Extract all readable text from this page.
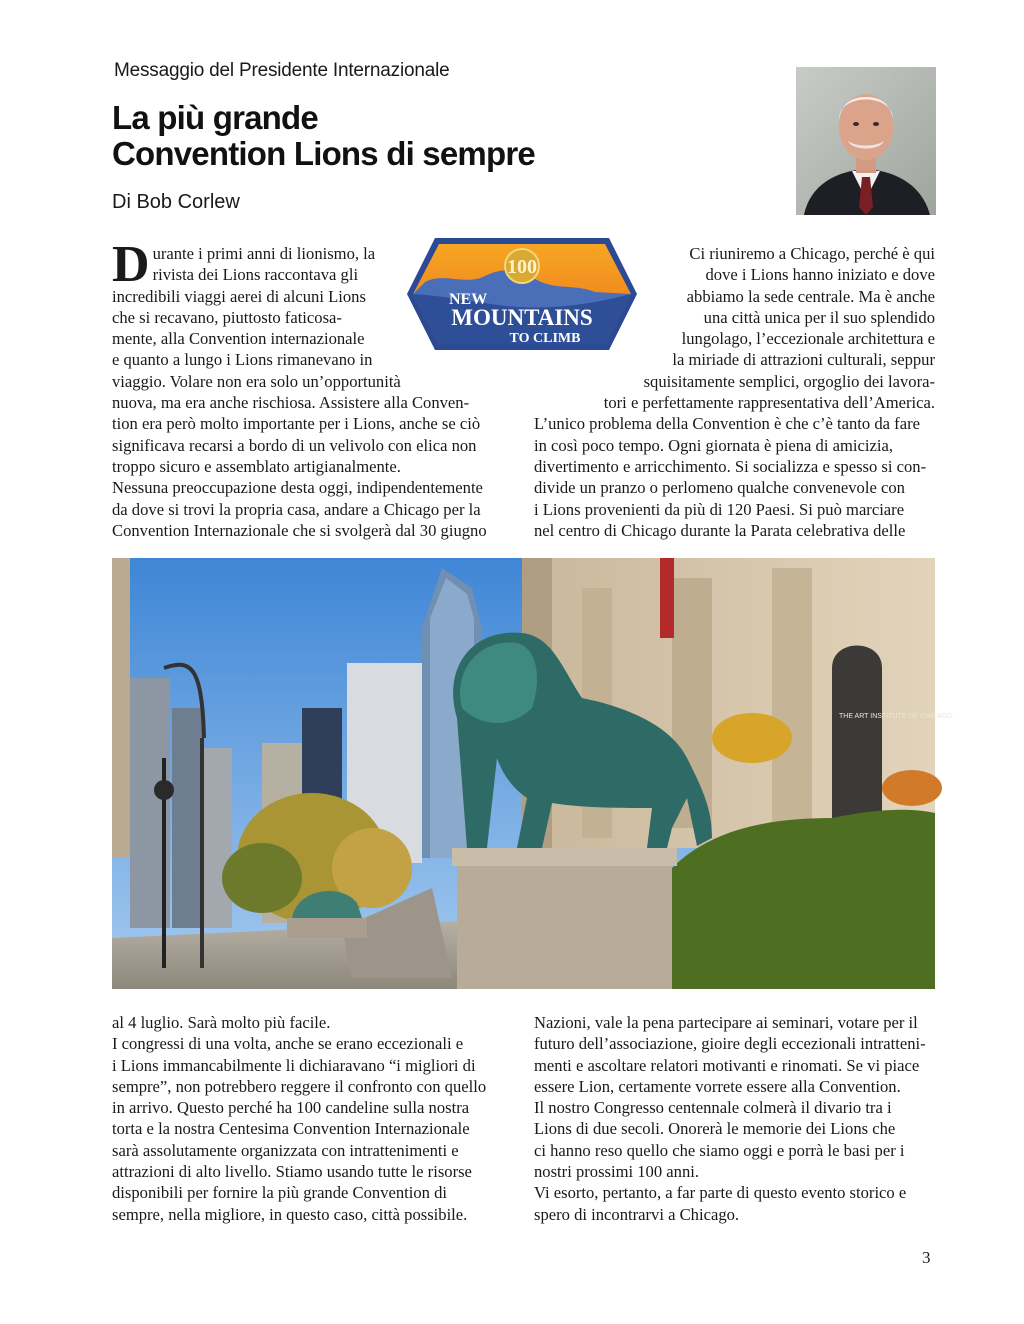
Messaggio del Presidente Internazionale
La più grande
Convention Lions di sempre
Di Bob Corlew
D urante i primi anni di lionismo, la
rivista dei Lions raccontava gli
incredibili viaggi aerei di alcuni Lions
che si recavano, piuttosto faticosa-
mente, alla Convention internazionale
e quanto a lungo i Lions rimanevano in
viaggio. Volare non era solo un’opportunità
nuova, ma era anche rischiosa. Assistere alla Conven-
tion era però molto importante per i Lions, anche se ciò
significava recarsi a bordo di un velivolo con elica non
troppo sicuro e assemblato artigianalmente.
Nessuna preoccupazione desta oggi, indipendentemente
da dove si trovi la propria casa, andare a Chicago per la
Convention Internazionale che si svolgerà dal 30 giugno
100
NEW
MOUNTAINS
TO CLIMB
Ci riuniremo a Chicago, perché è qui
dove i Lions hanno iniziato e dove
abbiamo la sede centrale. Ma è anche
una città unica per il suo splendido
lungolago, l’eccezionale architettura e
la miriade di attrazioni culturali, seppur
squisitamente semplici, orgoglio dei lavora-
tori e perfettamente rappresentativa dell’America.
L’unico problema della Convention è che c’è tanto da fare
in così poco tempo. Ogni giornata è piena di amicizia,
divertimento e arricchimento. Si socializza e spesso si con-
divide un pranzo o perlomeno qualche convenevole con
i Lions provenienti da più di 120 Paesi. Si può marciare
nel centro di Chicago durante la Parata celebrativa delle
THE ART INSTITUTE OF CHICAGO

al 4 luglio. Sarà molto più facile.
I congressi di una volta, anche se erano eccezionali e
i Lions immancabilmente li dichiaravano “i migliori di
sempre”, non potrebbero reggere il confronto con quello
in arrivo. Questo perché ha 100 candeline sulla nostra
torta e la nostra Centesima Convention Internazionale
sarà assolutamente organizzata con intrattenimenti e
attrazioni di alto livello. Stiamo usando tutte le risorse
disponibili per fornire la più grande Convention di
sempre, nella migliore, in questo caso, città possibile.

Nazioni, vale la pena partecipare ai seminari, votare per il
futuro dell’associazione, gioire degli eccezionali intratteni-
menti e ascoltare relatori motivanti e rinomati. Se vi piace
essere Lion, certamente vorrete essere alla Convention.
Il nostro Congresso centennale colmerà il divario tra i
Lions di due secoli. Onorerà le memorie dei Lions che
ci hanno reso quello che siamo oggi e porrà le basi per i
nostri prossimi 100 anni.
Vi esorto, pertanto, a far parte di questo evento storico e
spero di incontrarvi a Chicago.

3
